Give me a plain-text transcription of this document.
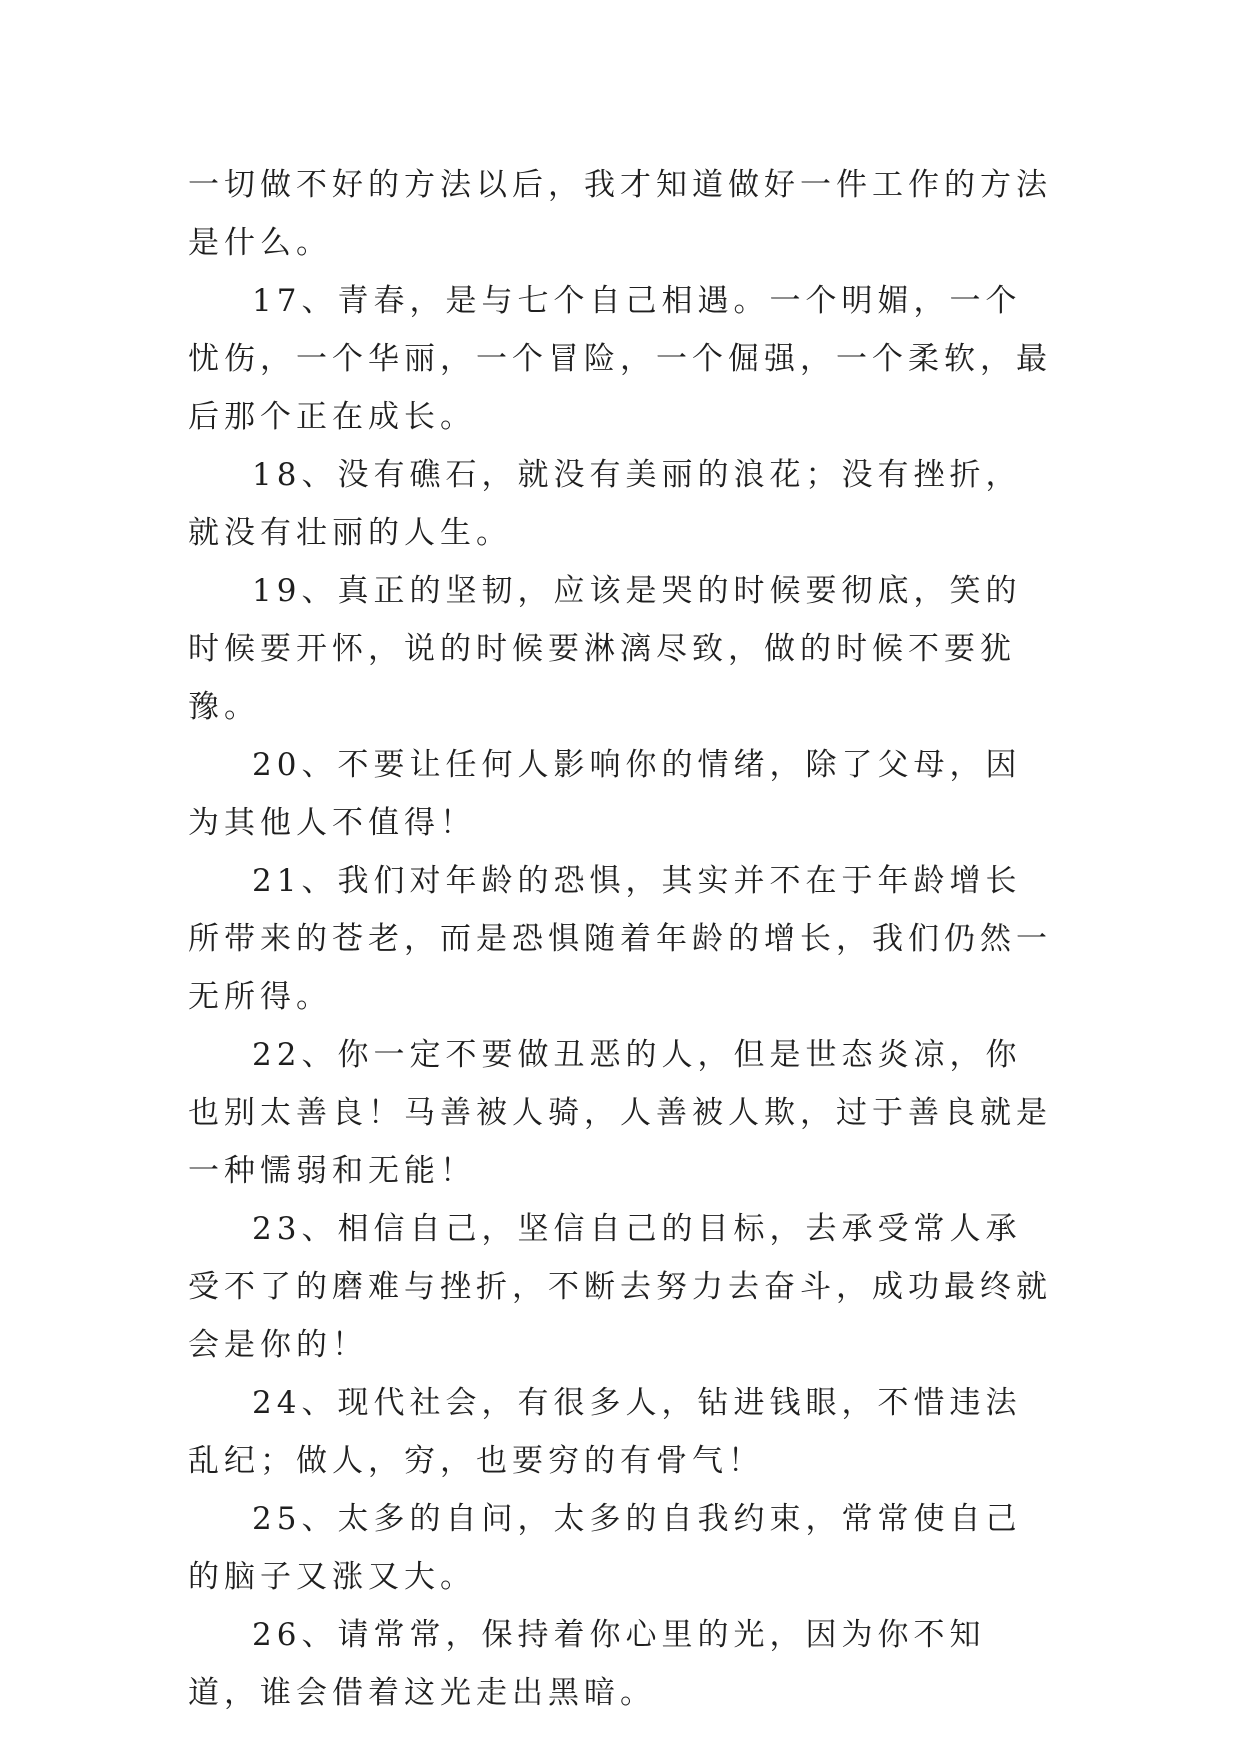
一切做不好的方法以后，我才知道做好一件工作的方法是什么。

17、青春，是与七个自己相遇。一个明媚，一个忧伤，一个华丽，一个冒险，一个倔强，一个柔软，最后那个正在成长。

18、没有礁石，就没有美丽的浪花；没有挫折，就没有壮丽的人生。

19、真正的坚韧，应该是哭的时候要彻底，笑的时候要开怀，说的时候要淋漓尽致，做的时候不要犹豫。

20、不要让任何人影响你的情绪，除了父母，因为其他人不值得！

21、我们对年龄的恐惧，其实并不在于年龄增长所带来的苍老，而是恐惧随着年龄的增长，我们仍然一无所得。

22、你一定不要做丑恶的人，但是世态炎凉，你也别太善良！马善被人骑，人善被人欺，过于善良就是一种懦弱和无能！

23、相信自己，坚信自己的目标，去承受常人承受不了的磨难与挫折，不断去努力去奋斗，成功最终就会是你的！

24、现代社会，有很多人，钻进钱眼，不惜违法乱纪；做人，穷，也要穷的有骨气！

25、太多的自问，太多的自我约束，常常使自己的脑子又涨又大。

26、请常常，保持着你心里的光，因为你不知道，谁会借着这光走出黑暗。
